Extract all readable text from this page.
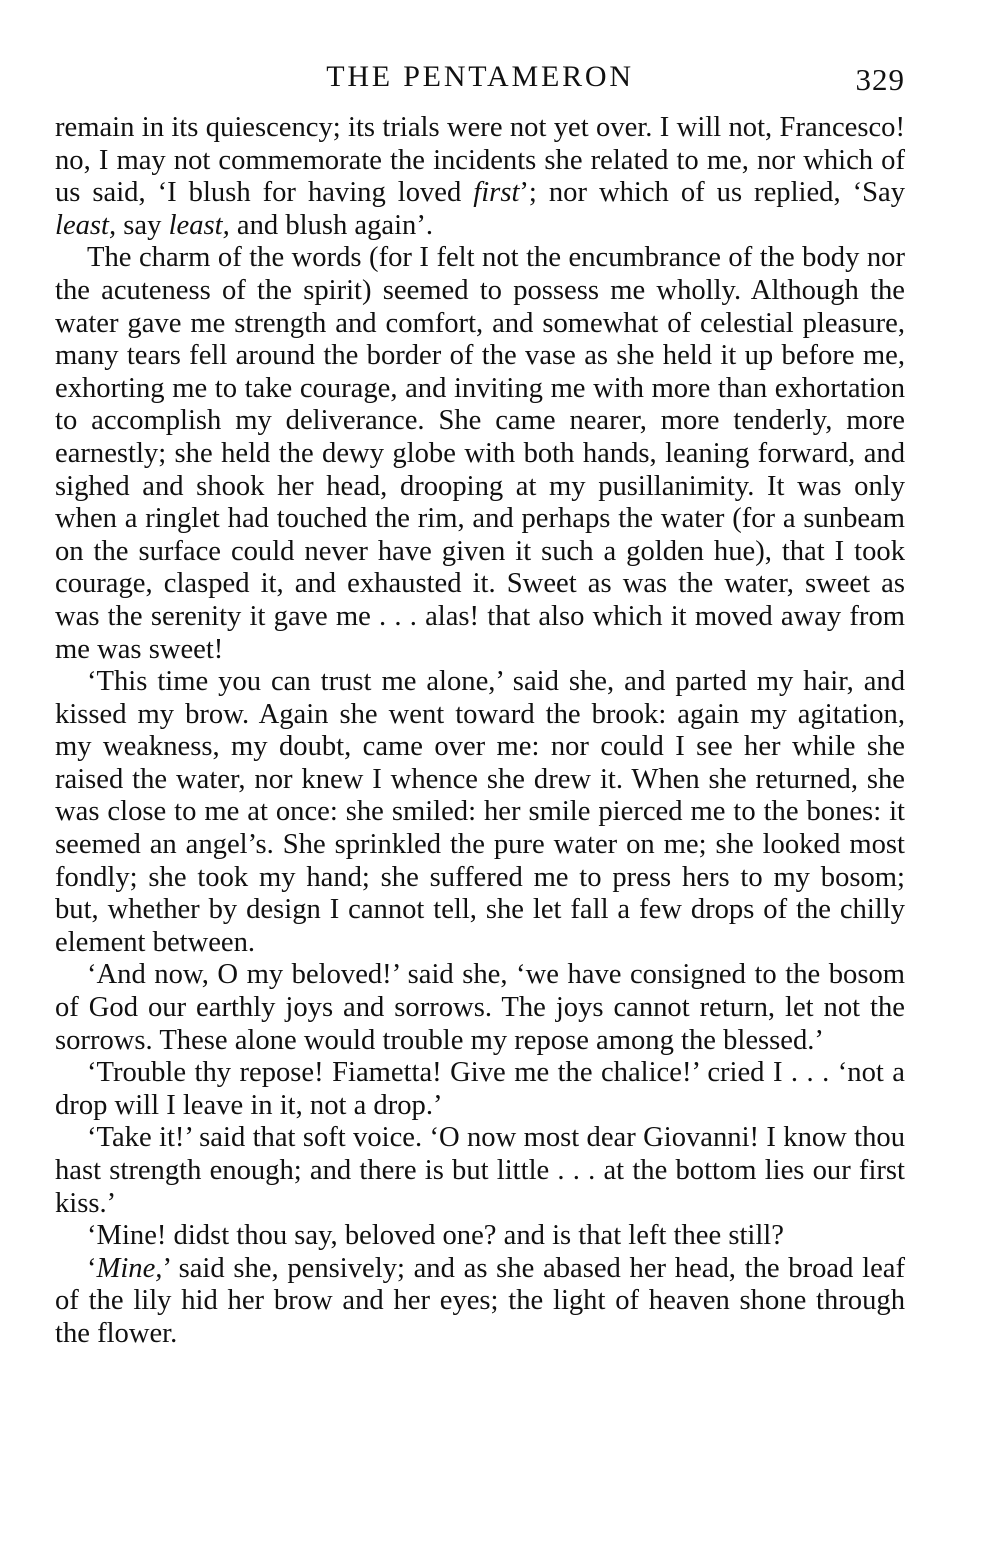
THE PENTAMERON	329

remain in its quiescency; its trials were not yet over. I will not, Francesco! no, I may not commemorate the incidents she related to me, nor which of us said, ‘I blush for having loved first’; nor which of us replied, ‘Say least, say least, and blush again’.

The charm of the words (for I felt not the encumbrance of the body nor the acuteness of the spirit) seemed to possess me wholly. Although the water gave me strength and comfort, and somewhat of celestial pleasure, many tears fell around the border of the vase as she held it up before me, exhorting me to take courage, and inviting me with more than exhortation to accomplish my deliverance. She came nearer, more tenderly, more earnestly; she held the dewy globe with both hands, leaning forward, and sighed and shook her head, drooping at my pusillanimity. It was only when a ringlet had touched the rim, and perhaps the water (for a sunbeam on the surface could never have given it such a golden hue), that I took courage, clasped it, and exhausted it. Sweet as was the water, sweet as was the serenity it gave me . . . alas! that also which it moved away from me was sweet!

‘This time you can trust me alone,’ said she, and parted my hair, and kissed my brow. Again she went toward the brook: again my agitation, my weakness, my doubt, came over me: nor could I see her while she raised the water, nor knew I whence she drew it. When she returned, she was close to me at once: she smiled: her smile pierced me to the bones: it seemed an angel’s. She sprinkled the pure water on me; she looked most fondly; she took my hand; she suffered me to press hers to my bosom; but, whether by design I cannot tell, she let fall a few drops of the chilly element between.

‘And now, O my beloved!’ said she, ‘we have consigned to the bosom of God our earthly joys and sorrows. The joys cannot return, let not the sorrows. These alone would trouble my repose among the blessed.’

‘Trouble thy repose! Fiametta! Give me the chalice!’ cried I . . . ‘not a drop will I leave in it, not a drop.’

‘Take it!’ said that soft voice. ‘O now most dear Giovanni! I know thou hast strength enough; and there is but little . . . at the bottom lies our first kiss.’

‘Mine! didst thou say, beloved one? and is that left thee still?

‘Mine,’ said she, pensively; and as she abased her head, the broad leaf of the lily hid her brow and her eyes; the light of heaven shone through the flower.
